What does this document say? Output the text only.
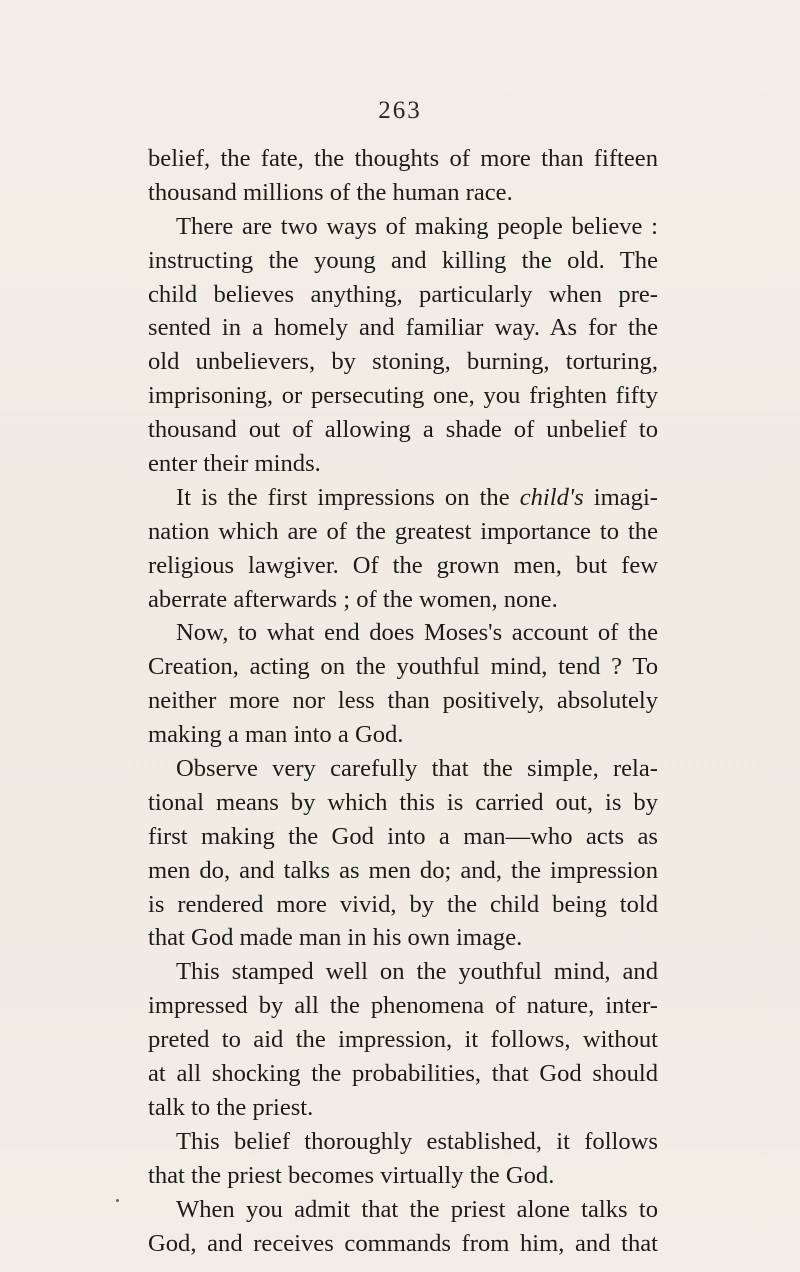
263
belief, the fate, the thoughts of more than fifteen
thousand millions of the human race.
There are two ways of making people believe :
instructing the young and killing the old. The
child believes anything, particularly when pre-
sented in a homely and familiar way. As for the
old unbelievers, by stoning, burning, torturing,
imprisoning, or persecuting one, you frighten fifty
thousand out of allowing a shade of unbelief to
enter their minds.
It is the first impressions on the child's imagi-
nation which are of the greatest importance to the
religious lawgiver. Of the grown men, but few
aberrate afterwards ; of the women, none.
Now, to what end does Moses's account of the
Creation, acting on the youthful mind, tend ? To
neither more nor less than positively, absolutely
making a man into a God.
Observe very carefully that the simple, rela-
tional means by which this is carried out, is by
first making the God into a man—who acts as
men do, and talks as men do; and, the impression
is rendered more vivid, by the child being told
that God made man in his own image.
This stamped well on the youthful mind, and
impressed by all the phenomena of nature, inter-
preted to aid the impression, it follows, without
at all shocking the probabilities, that God should
talk to the priest.
This belief thoroughly established, it follows
that the priest becomes virtually the God.
When you admit that the priest alone talks to
God, and receives commands from him, and that
